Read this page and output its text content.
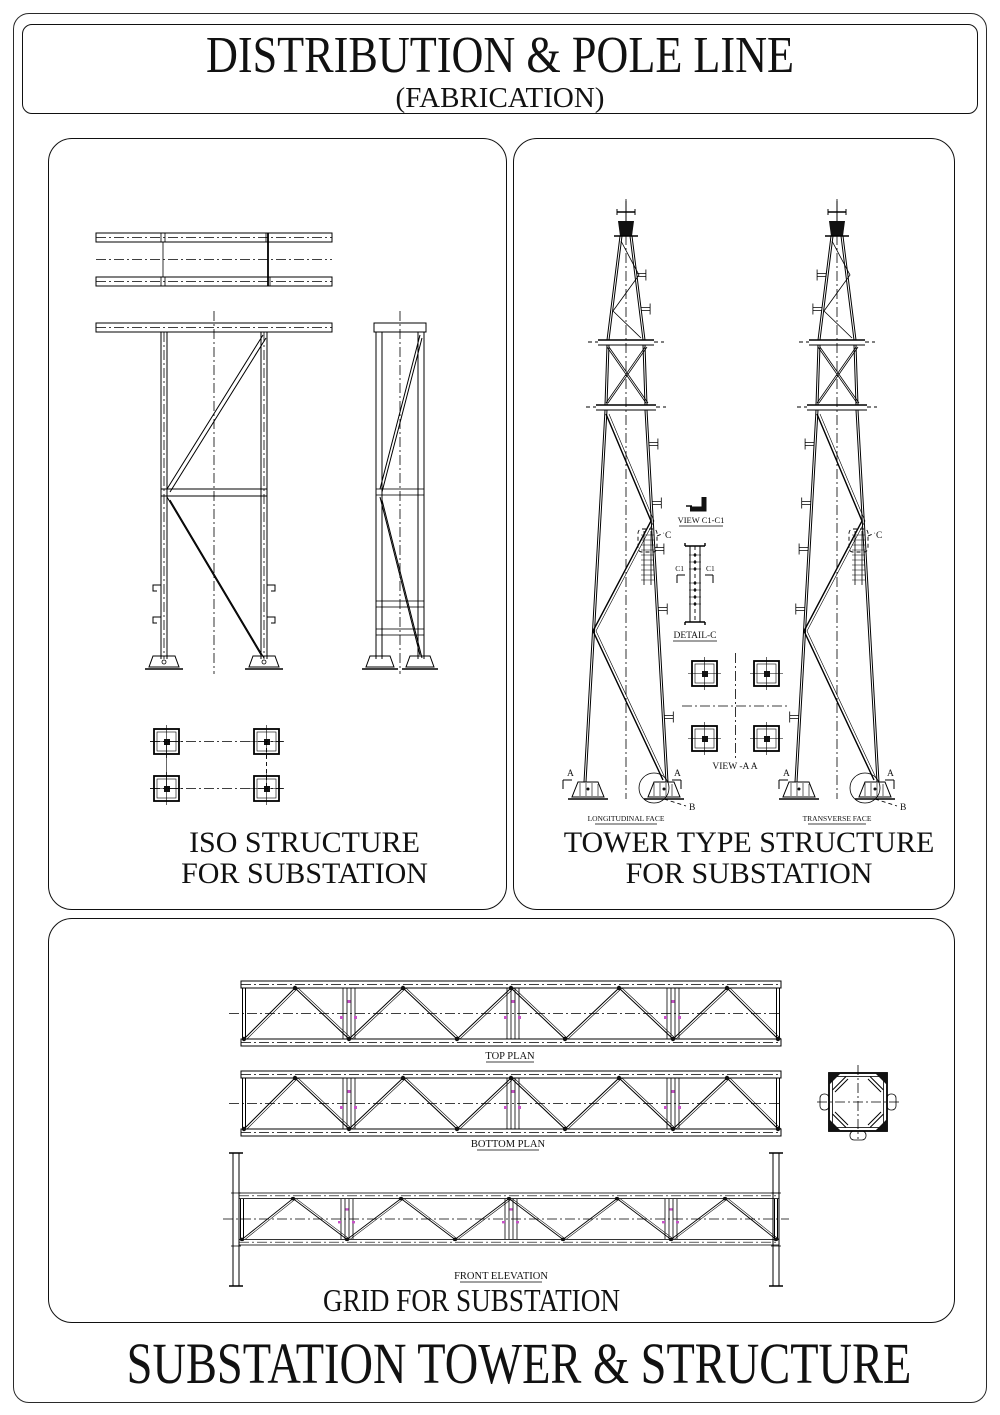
DISTRIBUTION & POLE LINE
(FABRICATION)
ISO STRUCTURE
FOR SUBSTATION
C
A	A
B
LONGITUDINAL FACE
C
A	A
B
TRANSVERSE FACE
VIEW C1-C1
C1	C1
DETAIL-C
VIEW -A A
TOWER TYPE STRUCTURE
FOR SUBSTATION
TOP PLAN
BOTTOM PLAN
FRONT ELEVATION
GRID FOR SUBSTATION
SUBSTATION TOWER & STRUCTURE
